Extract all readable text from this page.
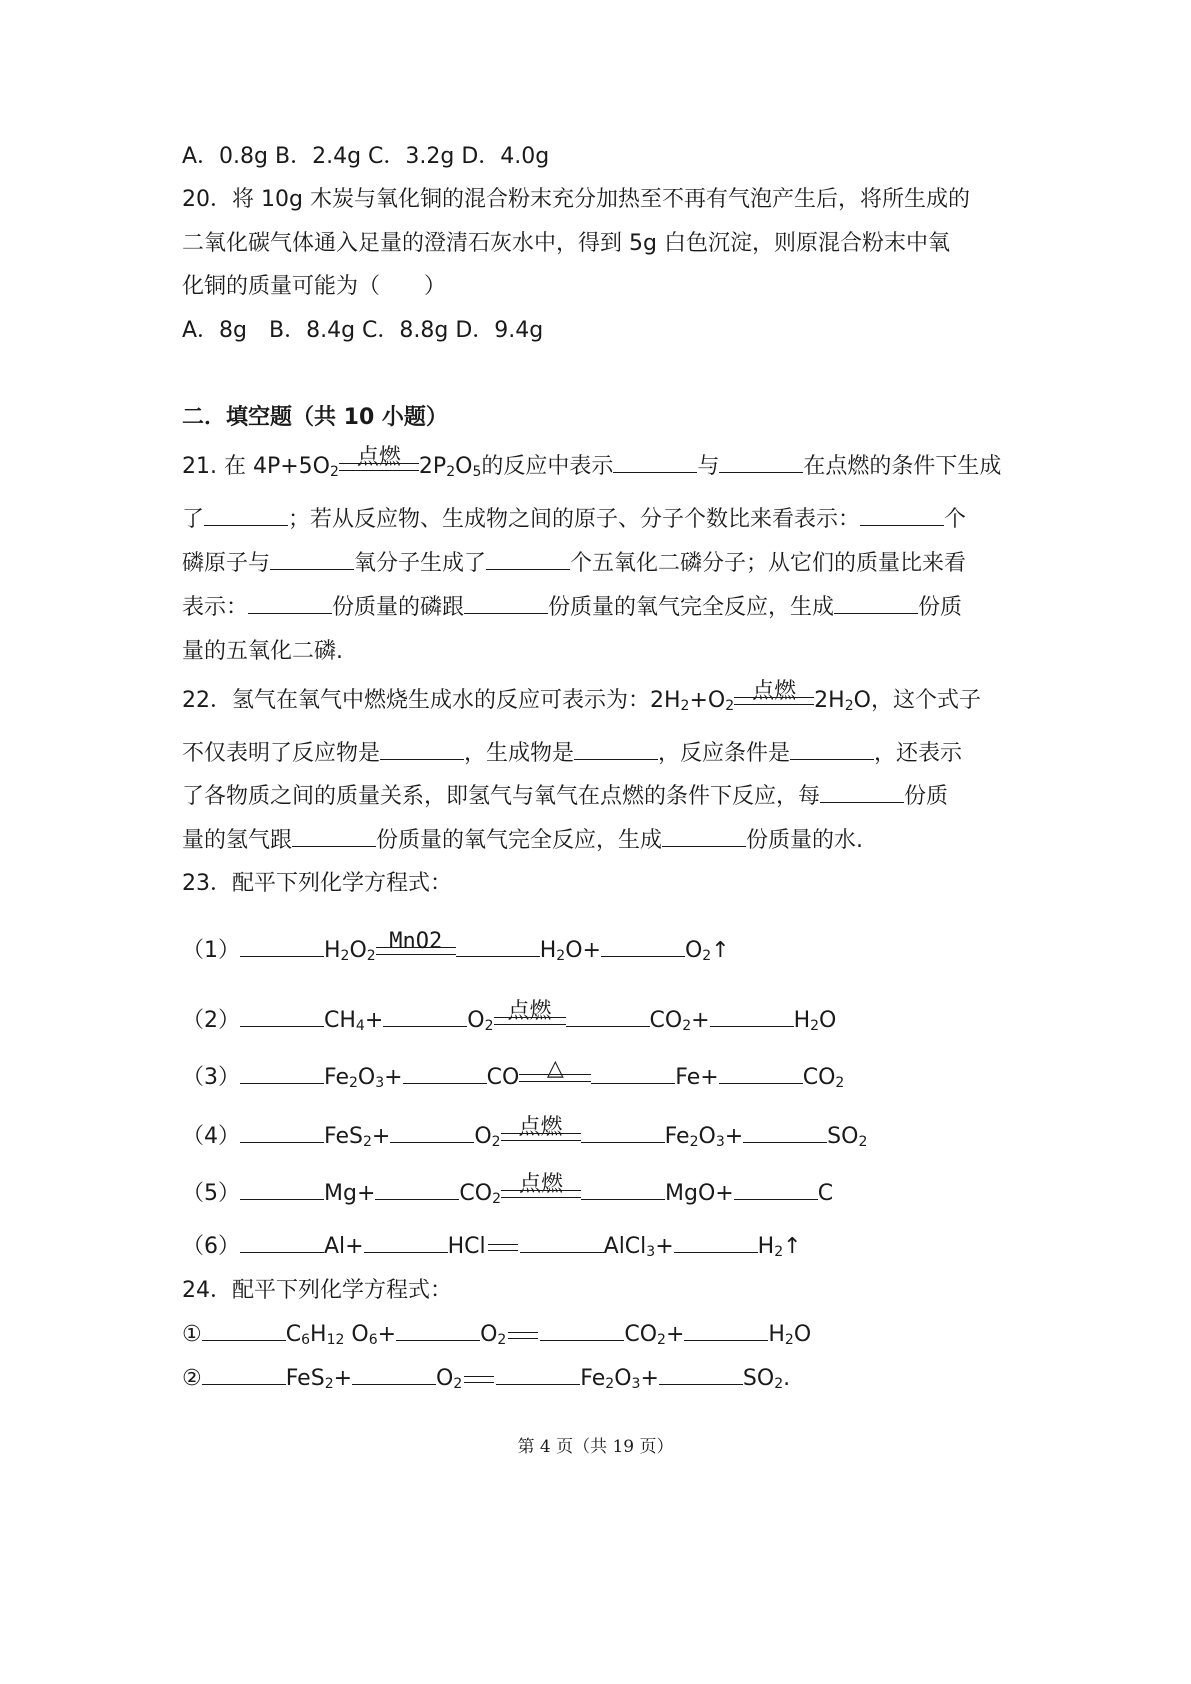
A．0.8g B．2.4g C．3.2g D．4.0g
20．将 10g 木炭与氧化铜的混合粉末充分加热至不再有气泡产生后，将所生成的
二氧化碳气体通入足量的澄清石灰水中，得到 5g 白色沉淀，则原混合粉末中氧
化铜的质量可能为（　　）
A．8g　B．8.4g C．8.8g D．9.4g
二．填空题（共 10 小题）
21. 在 $4P+5O_2$
点燃 $2P_2O_5$的反应中表示	与	在点燃的条件下生成
了	；若从反应物、生成物之间的原子、分子个数比来看表示：	个
磷原子与	氧分子生成了	个五氧化二磷分子；从它们的质量比来看
表示：	份质量的磷跟	份质量的氧气完全反应，生成	份质
量的五氧化二磷.
22．氢气在氧气中燃烧生成水的反应可表示为：$2H_2+O_2$
点燃 $2H_2O$，这个式子
不仅表明了反应物是	，生成物是	，反应条件是	，还表示
了各物质之间的质量关系，即氢气与氧气在点燃的条件下反应，每	份质
量的氢气跟	份质量的氧气完全反应，生成	份质量的水.
23．配平下列化学方程式：
（1）	$H_2O_2$
MnO2	$H_2O+$	$O_2↑$
（2）	$CH_4+$	$O_2$
点燃	$CO_2+$	$H_2O$
（3）	$Fe_2O_3+$	CO	△	Fe+	$CO_2$
（4）	FeS$_2$+	$O_2$
点燃	$Fe_2O_3+$	$SO_2$
（5）	Mg+	$CO_2$
点燃	MgO+	C
（6）	Al+	HCl	AlCl$_3$+	$H_2↑$
24．配平下列化学方程式：
①	$C_6H_{12}$ $O_6+$	$O_2$	$CO_2+$	$H_2O$
②	FeS$_2$+	$O_2$	$Fe_2O_3+$	$SO_2$.
第 4 页（共 19 页）
